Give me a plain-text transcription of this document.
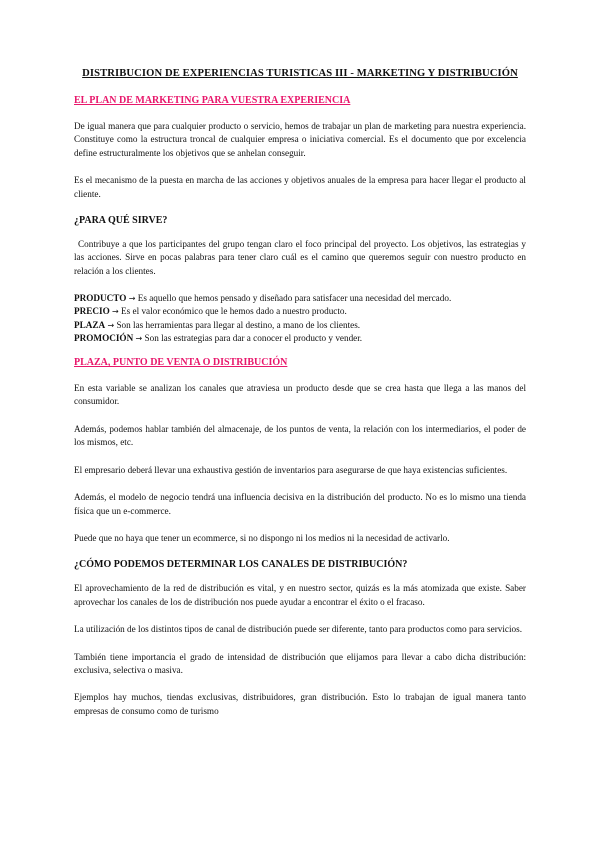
DISTRIBUCION DE EXPERIENCIAS TURISTICAS III - MARKETING Y DISTRIBUCIÓN
EL PLAN DE MARKETING PARA VUESTRA EXPERIENCIA

De igual manera que para cualquier producto o servicio, hemos de trabajar un plan de marketing para nuestra experiencia. Constituye como la estructura troncal de cualquier empresa o iniciativa comercial. Es el documento que por excelencia define estructuralmente los objetivos que se anhelan conseguir.

Es el mecanismo de la puesta en marcha de las acciones y objetivos anuales de la empresa para hacer llegar el producto al cliente.

¿PARA QUÉ SIRVE?

Contribuye a que los participantes del grupo tengan claro el foco principal del proyecto. Los objetivos, las estrategias y las acciones. Sirve en pocas palabras para tener claro cuál es el camino que queremos seguir con nuestro producto en relación a los clientes.

PRODUCTO → Es aquello que hemos pensado y diseñado para satisfacer una necesidad del mercado.
PRECIO → Es el valor económico que le hemos dado a nuestro producto.
PLAZA → Son las herramientas para llegar al destino, a mano de los clientes.
PROMOCIÓN → Son las estrategias para dar a conocer el producto y vender.
PLAZA, PUNTO DE VENTA O DISTRIBUCIÓN

En esta variable se analizan los canales que atraviesa un producto desde que se crea hasta que llega a las manos del consumidor.

Además, podemos hablar también del almacenaje, de los puntos de venta, la relación con los intermediarios, el poder de los mismos, etc.

El empresario deberá llevar una exhaustiva gestión de inventarios para asegurarse de que haya existencias suficientes.

Además, el modelo de negocio tendrá una influencia decisiva en la distribución del producto. No es lo mismo una tienda física que un e-commerce.

Puede que no haya que tener un ecommerce, si no dispongo ni los medios ni la necesidad de activarlo.

¿CÓMO PODEMOS DETERMINAR LOS CANALES DE DISTRIBUCIÓN?

El aprovechamiento de la red de distribución es vital, y en nuestro sector, quizás es la más atomizada que existe. Saber aprovechar los canales de los de distribución nos puede ayudar a encontrar el éxito o el fracaso.

La utilización de los distintos tipos de canal de distribución puede ser diferente, tanto para productos como para servicios.

También tiene importancia el grado de intensidad de distribución que elijamos para llevar a cabo dicha distribución: exclusiva, selectiva o masiva.

Ejemplos hay muchos, tiendas exclusivas, distribuidores, gran distribución. Esto lo trabajan de igual manera tanto empresas de consumo como de turismo
